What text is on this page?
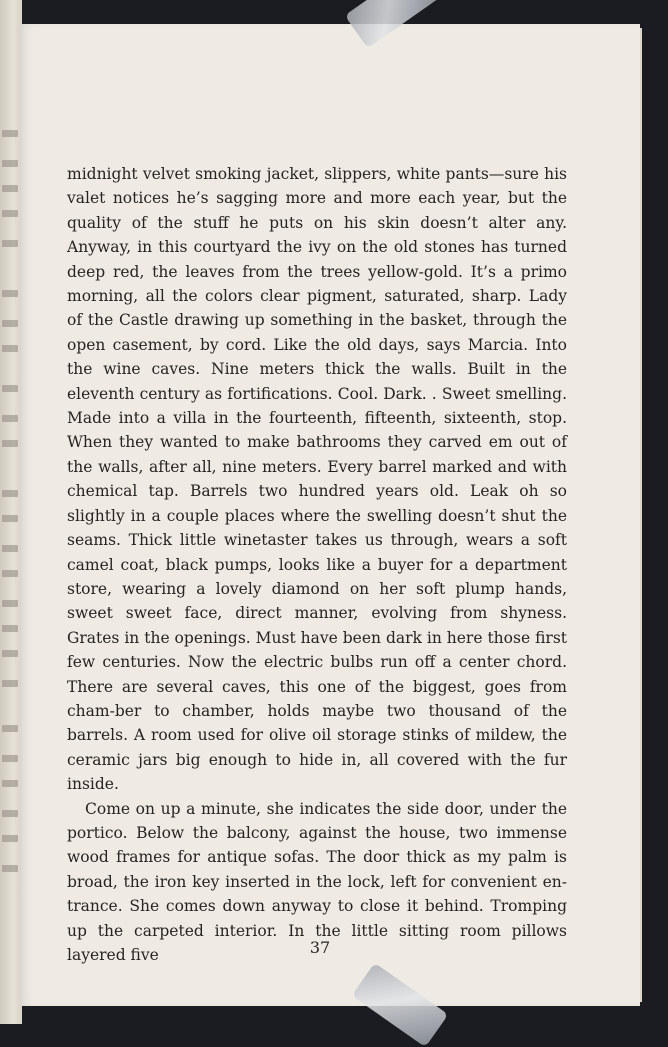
midnight velvet smoking jacket, slippers, white pants—sure his valet notices he’s sagging more and more each year, but the quality of the stuff he puts on his skin doesn’t alter any. Anyway, in this courtyard the ivy on the old stones has turned deep red, the leaves from the trees yellow-gold. It’s a primo morning, all the colors clear pigment, saturated, sharp. Lady of the Castle drawing up something in the basket, through the open casement, by cord. Like the old days, says Marcia. Into the wine caves. Nine meters thick the walls. Built in the eleventh century as fortifications. Cool. Dark. . Sweet smelling. Made into a villa in the fourteenth, fifteenth, sixteenth, stop. When they wanted to make bathrooms they carved em out of the walls, after all, nine meters. Every barrel marked and with chemical tap. Barrels two hundred years old. Leak oh so slightly in a couple places where the swelling doesn’t shut the seams. Thick little winetaster takes us through, wears a soft camel coat, black pumps, looks like a buyer for a department store, wearing a lovely diamond on her soft plump hands, sweet sweet face, direct manner, evolving from shyness. Grates in the openings. Must have been dark in here those first few centuries. Now the electric bulbs run off a center chord. There are several caves, this one of the biggest, goes from cham-ber to chamber, holds maybe two thousand of the barrels. A room used for olive oil storage stinks of mildew, the ceramic jars big enough to hide in, all covered with the fur inside.

Come on up a minute, she indicates the side door, under the portico. Below the balcony, against the house, two immense wood frames for antique sofas. The door thick as my palm is broad, the iron key inserted in the lock, left for convenient en-trance. She comes down anyway to close it behind. Tromping up the carpeted interior. In the little sitting room pillows layered five	37
